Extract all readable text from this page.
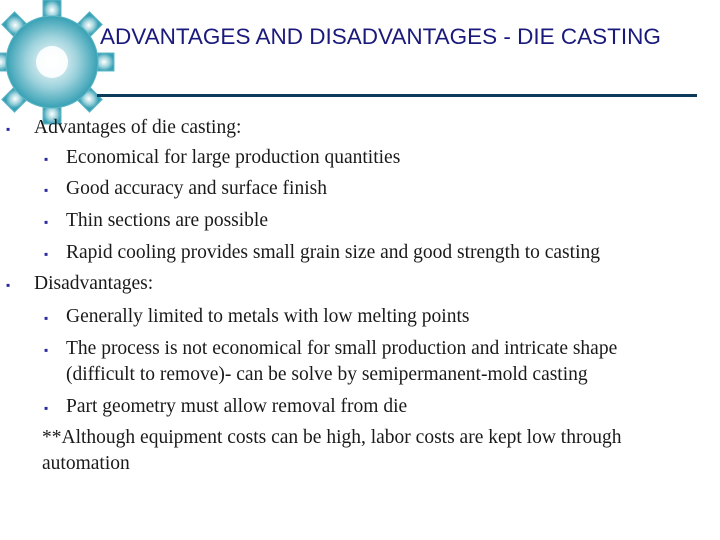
ADVANTAGES AND DISADVANTAGES - DIE CASTING
▪ Advantages of die casting:
▪ Economical for large production quantities
▪ Good accuracy and surface finish
▪ Thin sections are possible
▪ Rapid cooling provides small grain size and good strength to casting
▪ Disadvantages:
▪ Generally limited to metals with low melting points
▪ The process is not economical for small production and intricate shape
(difficult to remove)- can be solve by semipermanent-mold casting
▪ Part geometry must allow removal from die
**Although equipment costs can be high, labor costs are kept low through
automation
